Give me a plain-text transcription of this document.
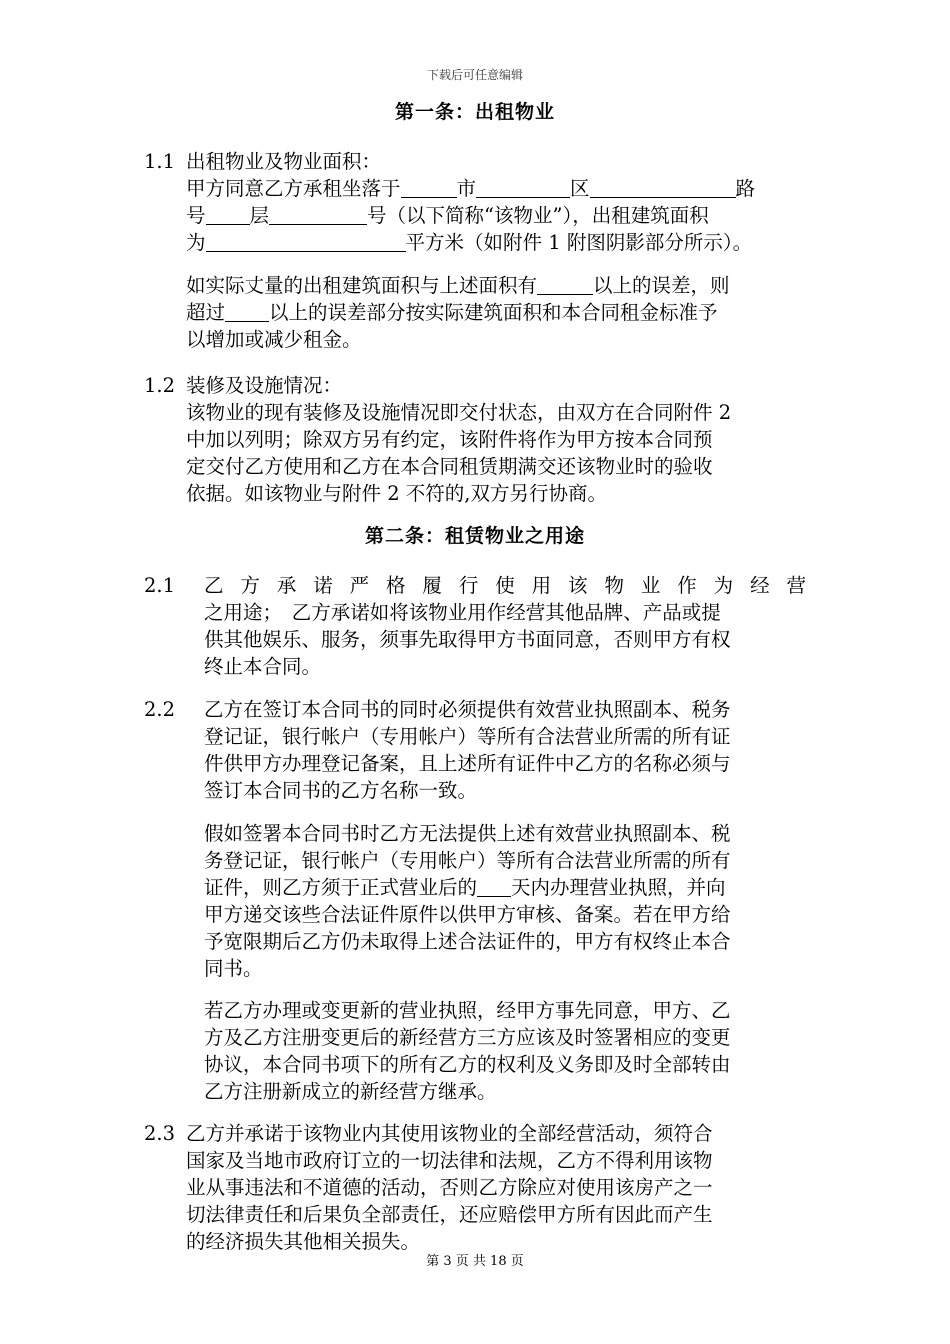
下载后可任意编辑
第一条：出租物业
1.1 出租物业及物业面积：
甲方同意乙方承租坐落于	市	区	路
号 层	号（以下简称“该物业”），出租建筑面积
为	平方米（如附件 1 附图阴影部分所示）。
如实际丈量的出租建筑面积与上述面积有	以上的误差，则
超过 以上的误差部分按实际建筑面积和本合同租金标准予
以增加或减少租金。
1.2 装修及设施情况：
该物业的现有装修及设施情况即交付状态，由双方在合同附件 2
中加以列明；除双方另有约定，该附件将作为甲方按本合同预
定交付乙方使用和乙方在本合同租赁期满交还该物业时的验收
依据。如该物业与附件 2 不符的,双方另行协商。
第二条：租赁物业之用途
2.1 乙方承诺严格履行使用该物业作为经营
之用途；　乙方承诺如将该物业用作经营其他品牌、产品或提
供其他娱乐、服务，须事先取得甲方书面同意，否则甲方有权
终止本合同。
2.2 乙方在签订本合同书的同时必须提供有效营业执照副本、税务
登记证，银行帐户（专用帐户）等所有合法营业所需的所有证
件供甲方办理登记备案，且上述所有证件中乙方的名称必须与
签订本合同书的乙方名称一致。
假如签署本合同书时乙方无法提供上述有效营业执照副本、税
务登记证，银行帐户（专用帐户）等所有合法营业所需的所有
证件，则乙方须于正式营业后的 天内办理营业执照，并向
甲方递交该些合法证件原件以供甲方审核、备案。若在甲方给
予宽限期后乙方仍未取得上述合法证件的，甲方有权终止本合
同书。
若乙方办理或变更新的营业执照，经甲方事先同意，甲方、乙
方及乙方注册变更后的新经营方三方应该及时签署相应的变更
协议，本合同书项下的所有乙方的权利及义务即及时全部转由
乙方注册新成立的新经营方继承。
2.3 乙方并承诺于该物业内其使用该物业的全部经营活动，须符合
国家及当地市政府订立的一切法律和法规，乙方不得利用该物
业从事违法和不道德的活动，否则乙方除应对使用该房产之一
切法律责任和后果负全部责任，还应赔偿甲方所有因此而产生
的经济损失其他相关损失。
第 3 页 共 18 页
